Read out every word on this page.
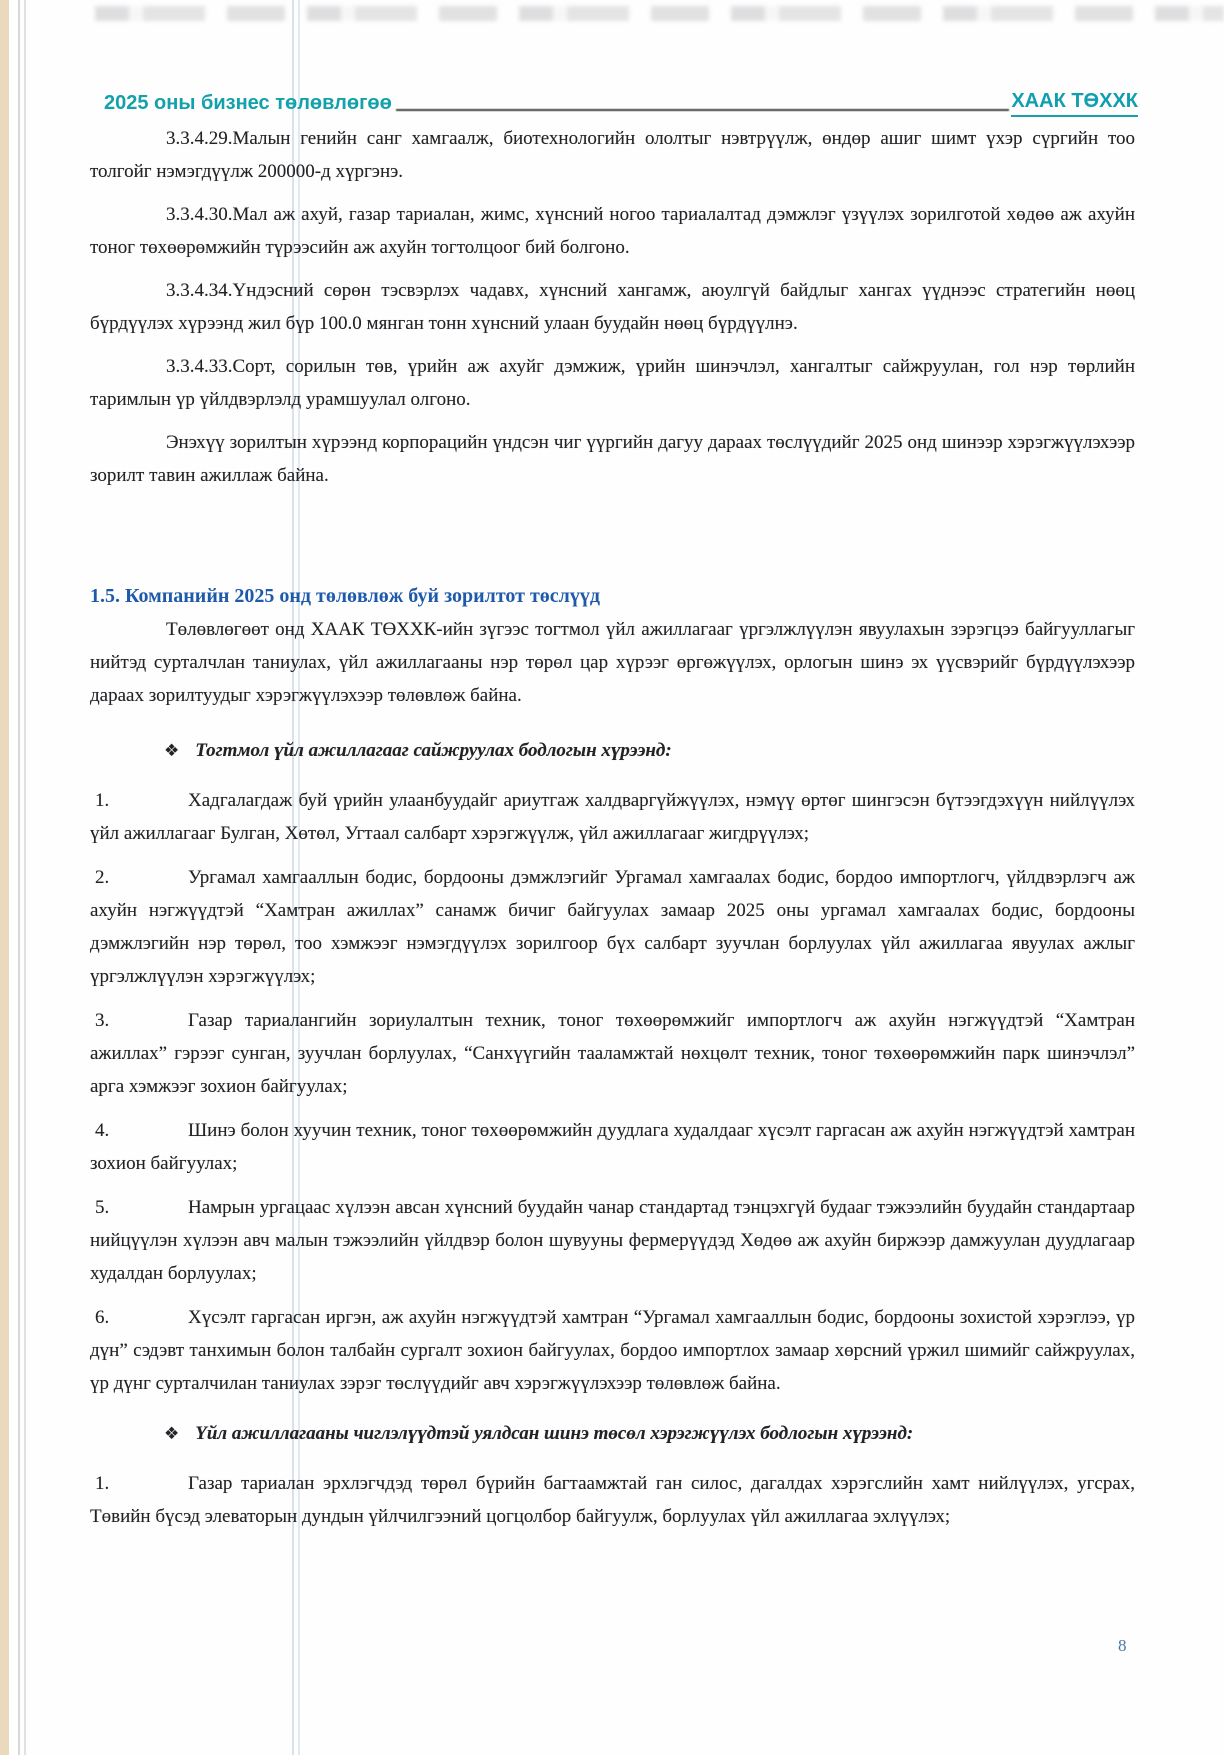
2025 оны бизнес төлөвлөгөө	ХААК ТӨХХК

3.3.4.29.Малын генийн санг хамгаалж, биотехнологийн ололтыг нэвтрүүлж, өндөр ашиг шимт үхэр сүргийн тоо толгойг нэмэгдүүлж 200000-д хүргэнэ.

3.3.4.30.Мал аж ахуй, газар тариалан, жимс, хүнсний ногоо тариалалтад дэмжлэг үзүүлэх зорилготой хөдөө аж ахуйн тоног төхөөрөмжийн түрээсийн аж ахуйн тогтолцоог бий болгоно.

3.3.4.34.Үндэсний сөрөн тэсвэрлэх чадавх, хүнсний хангамж, аюулгүй байдлыг хангах үүднээс стратегийн нөөц бүрдүүлэх хүрээнд жил бүр 100.0 мянган тонн хүнсний улаан буудайн нөөц бүрдүүлнэ.

3.3.4.33.Сорт, сорилын төв, үрийн аж ахуйг дэмжиж, үрийн шинэчлэл, хангалтыг сайжруулан, гол нэр төрлийн таримлын үр үйлдвэрлэлд урамшуулал олгоно.

Энэхүү зорилтын хүрээнд корпорацийн үндсэн чиг үүргийн дагуу дараах төслүүдийг 2025 онд шинээр хэрэгжүүлэхээр зорилт тавин ажиллаж байна.

1.5. Компанийн 2025 онд төлөвлөж буй зорилтот төслүүд

Төлөвлөгөөт онд ХААК ТӨХХК-ийн зүгээс тогтмол үйл ажиллагааг үргэлжлүүлэн явуулахын зэрэгцээ байгууллагыг нийтэд сурталчлан таниулах, үйл ажиллагааны нэр төрөл цар хүрээг өргөжүүлэх, орлогын шинэ эх үүсвэрийг бүрдүүлэхээр дараах зорилтуудыг хэрэгжүүлэхээр төлөвлөж байна.

❖ Тогтмол үйл ажиллагааг сайжруулах бодлогын хүрээнд:

1.	Хадгалагдаж буй үрийн улаанбуудайг ариутгаж халдваргүйжүүлэх, нэмүү өртөг шингэсэн бүтээгдэхүүн нийлүүлэх үйл ажиллагааг Булган, Хөтөл, Угтаал салбарт хэрэгжүүлж, үйл ажиллагааг жигдрүүлэх;

2.	Ургамал хамгааллын бодис, бордооны дэмжлэгийг Ургамал хамгаалах бодис, бордоо импортлогч, үйлдвэрлэгч аж ахуйн нэгжүүдтэй “Хамтран ажиллах” санамж бичиг байгуулах замаар 2025 оны ургамал хамгаалах бодис, бордооны дэмжлэгийн нэр төрөл, тоо хэмжээг нэмэгдүүлэх зорилгоор бүх салбарт зуучлан борлуулах үйл ажиллагаа явуулах ажлыг үргэлжлүүлэн хэрэгжүүлэх;

3.	Газар тариалангийн зориулалтын техник, тоног төхөөрөмжийг импортлогч аж ахуйн нэгжүүдтэй “Хамтран ажиллах” гэрээг сунган, зуучлан борлуулах, “Санхүүгийн тааламжтай нөхцөлт техник, тоног төхөөрөмжийн парк шинэчлэл” арга хэмжээг зохион байгуулах;

4.	Шинэ болон хуучин техник, тоног төхөөрөмжийн дуудлага худалдааг хүсэлт гаргасан аж ахуйн нэгжүүдтэй хамтран зохион байгуулах;

5.	Намрын ургацаас хүлээн авсан хүнсний буудайн чанар стандартад тэнцэхгүй будааг тэжээлийн буудайн стандартаар нийцүүлэн хүлээн авч малын тэжээлийн үйлдвэр болон шувууны фермерүүдэд Хөдөө аж ахуйн биржээр дамжуулан дуудлагаар худалдан борлуулах;

6.	Хүсэлт гаргасан иргэн, аж ахуйн нэгжүүдтэй хамтран “Ургамал хамгааллын бодис, бордооны зохистой хэрэглээ, үр дүн” сэдэвт танхимын болон талбайн сургалт зохион байгуулах, бордоо импортлох замаар хөрсний үржил шимийг сайжруулах, үр дүнг сурталчилан таниулах зэрэг төслүүдийг авч хэрэгжүүлэхээр төлөвлөж байна.

❖ Үйл ажиллагааны чиглэлүүдтэй уялдсан шинэ төсөл хэрэгжүүлэх бодлогын хүрээнд:

1.	Газар тариалан эрхлэгчдэд төрөл бүрийн багтаамжтай ган силос, дагалдах хэрэгслийн хамт нийлүүлэх, угсрах, Төвийн бүсэд элеваторын дундын үйлчилгээний цогцолбор байгуулж, борлуулах үйл ажиллагаа эхлүүлэх;

8
